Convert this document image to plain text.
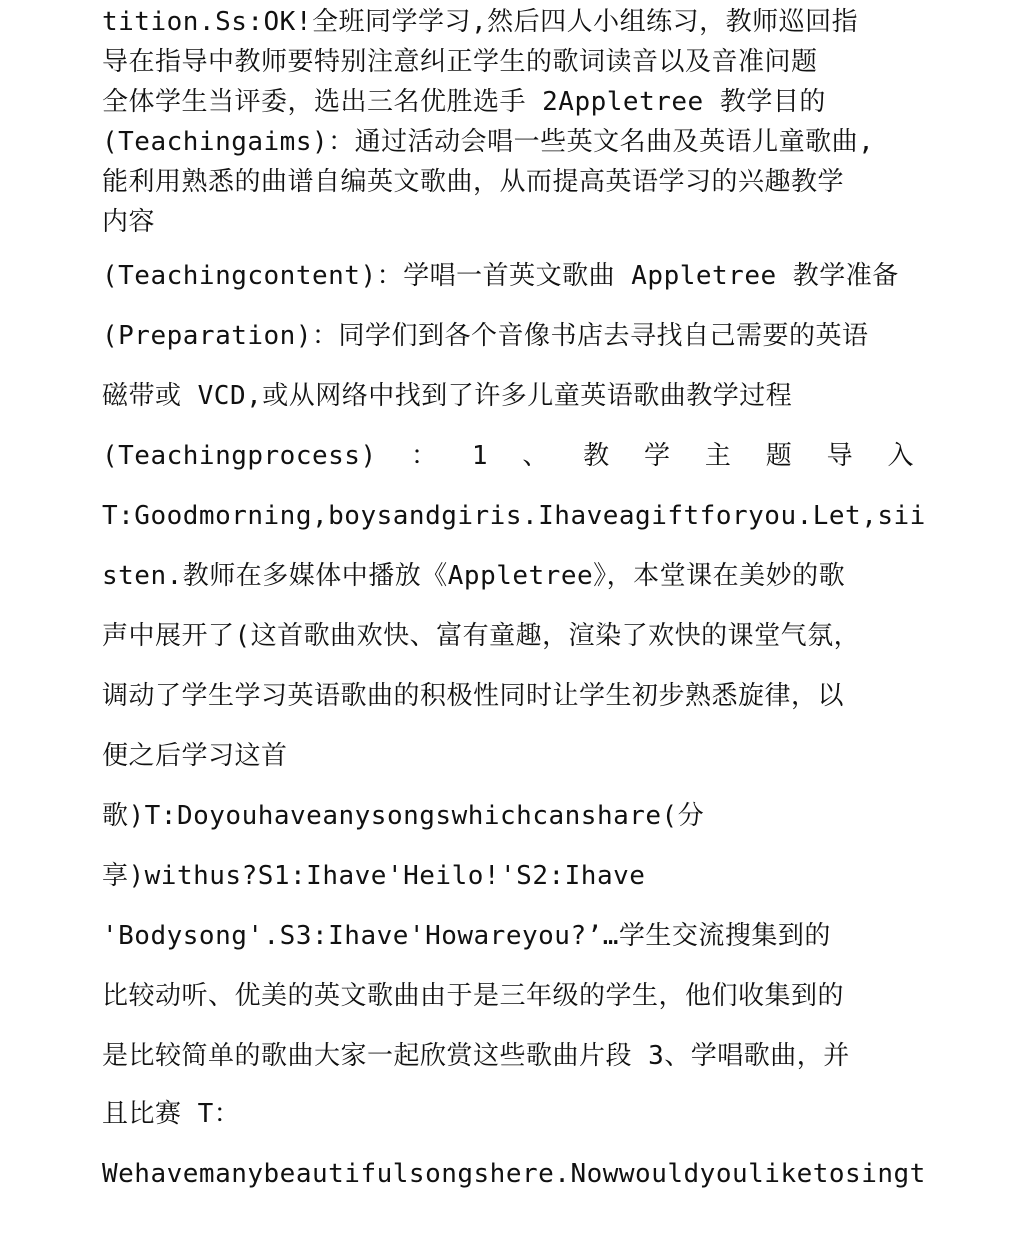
tition.Ss:OK!全班同学学习,然后四人小组练习，教师巡回指
导在指导中教师要特别注意纠正学生的歌词读音以及音准问题
全体学生当评委，选出三名优胜选手 2Appletree 教学目的
(Teachingaims)：通过活动会唱一些英文名曲及英语儿童歌曲,
能利用熟悉的曲谱自编英文歌曲，从而提高英语学习的兴趣教学
内容
(Teachingcontent)：学唱一首英文歌曲 Appletree 教学准备
(Preparation)：同学们到各个音像书店去寻找自己需要的英语
磁带或 VCD,或从网络中找到了许多儿童英语歌曲教学过程
(Teachingprocess) ： 1 、 教 学 主 题 导 入
T:Goodmorning,boysandgiris.Ihaveagiftforyou.Let,sii
sten.教师在多媒体中播放《Appletree》，本堂课在美妙的歌
声中展开了(这首歌曲欢快、富有童趣，渲染了欢快的课堂气氛，
调动了学生学习英语歌曲的积极性同时让学生初步熟悉旋律，以
便之后学习这首
歌)T:Doyouhaveanysongswhichcanshare(分
享)withus?S1:Ihave'Heilo!'S2:Ihave
'Bodysong'.S3:Ihave'Howareyou?’…学生交流搜集到的
比较动听、优美的英文歌曲由于是三年级的学生，他们收集到的
是比较简单的歌曲大家一起欣赏这些歌曲片段 3、学唱歌曲，并
且比赛 T：
Wehavemanybeautifulsongshere.Nowwouldyouliketosingt
